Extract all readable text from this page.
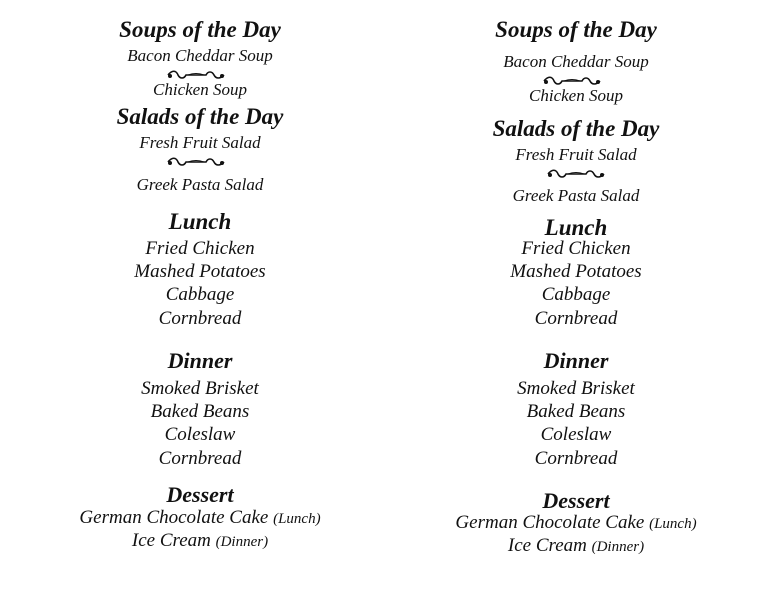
Soups of the Day
Bacon Cheddar Soup
Chicken Soup
Salads of the Day
Fresh Fruit Salad
Greek Pasta Salad
Lunch
Fried Chicken
Mashed Potatoes
Cabbage
Cornbread
Dinner
Smoked Brisket
Baked Beans
Coleslaw
Cornbread
Dessert
German Chocolate Cake (Lunch)
Ice Cream (Dinner)
Soups of the Day
Bacon Cheddar Soup
Chicken Soup
Salads of the Day
Fresh Fruit Salad
Greek Pasta Salad
Lunch
Fried Chicken
Mashed Potatoes
Cabbage
Cornbread
Dinner
Smoked Brisket
Baked Beans
Coleslaw
Cornbread
Dessert
German Chocolate Cake (Lunch)
Ice Cream (Dinner)
